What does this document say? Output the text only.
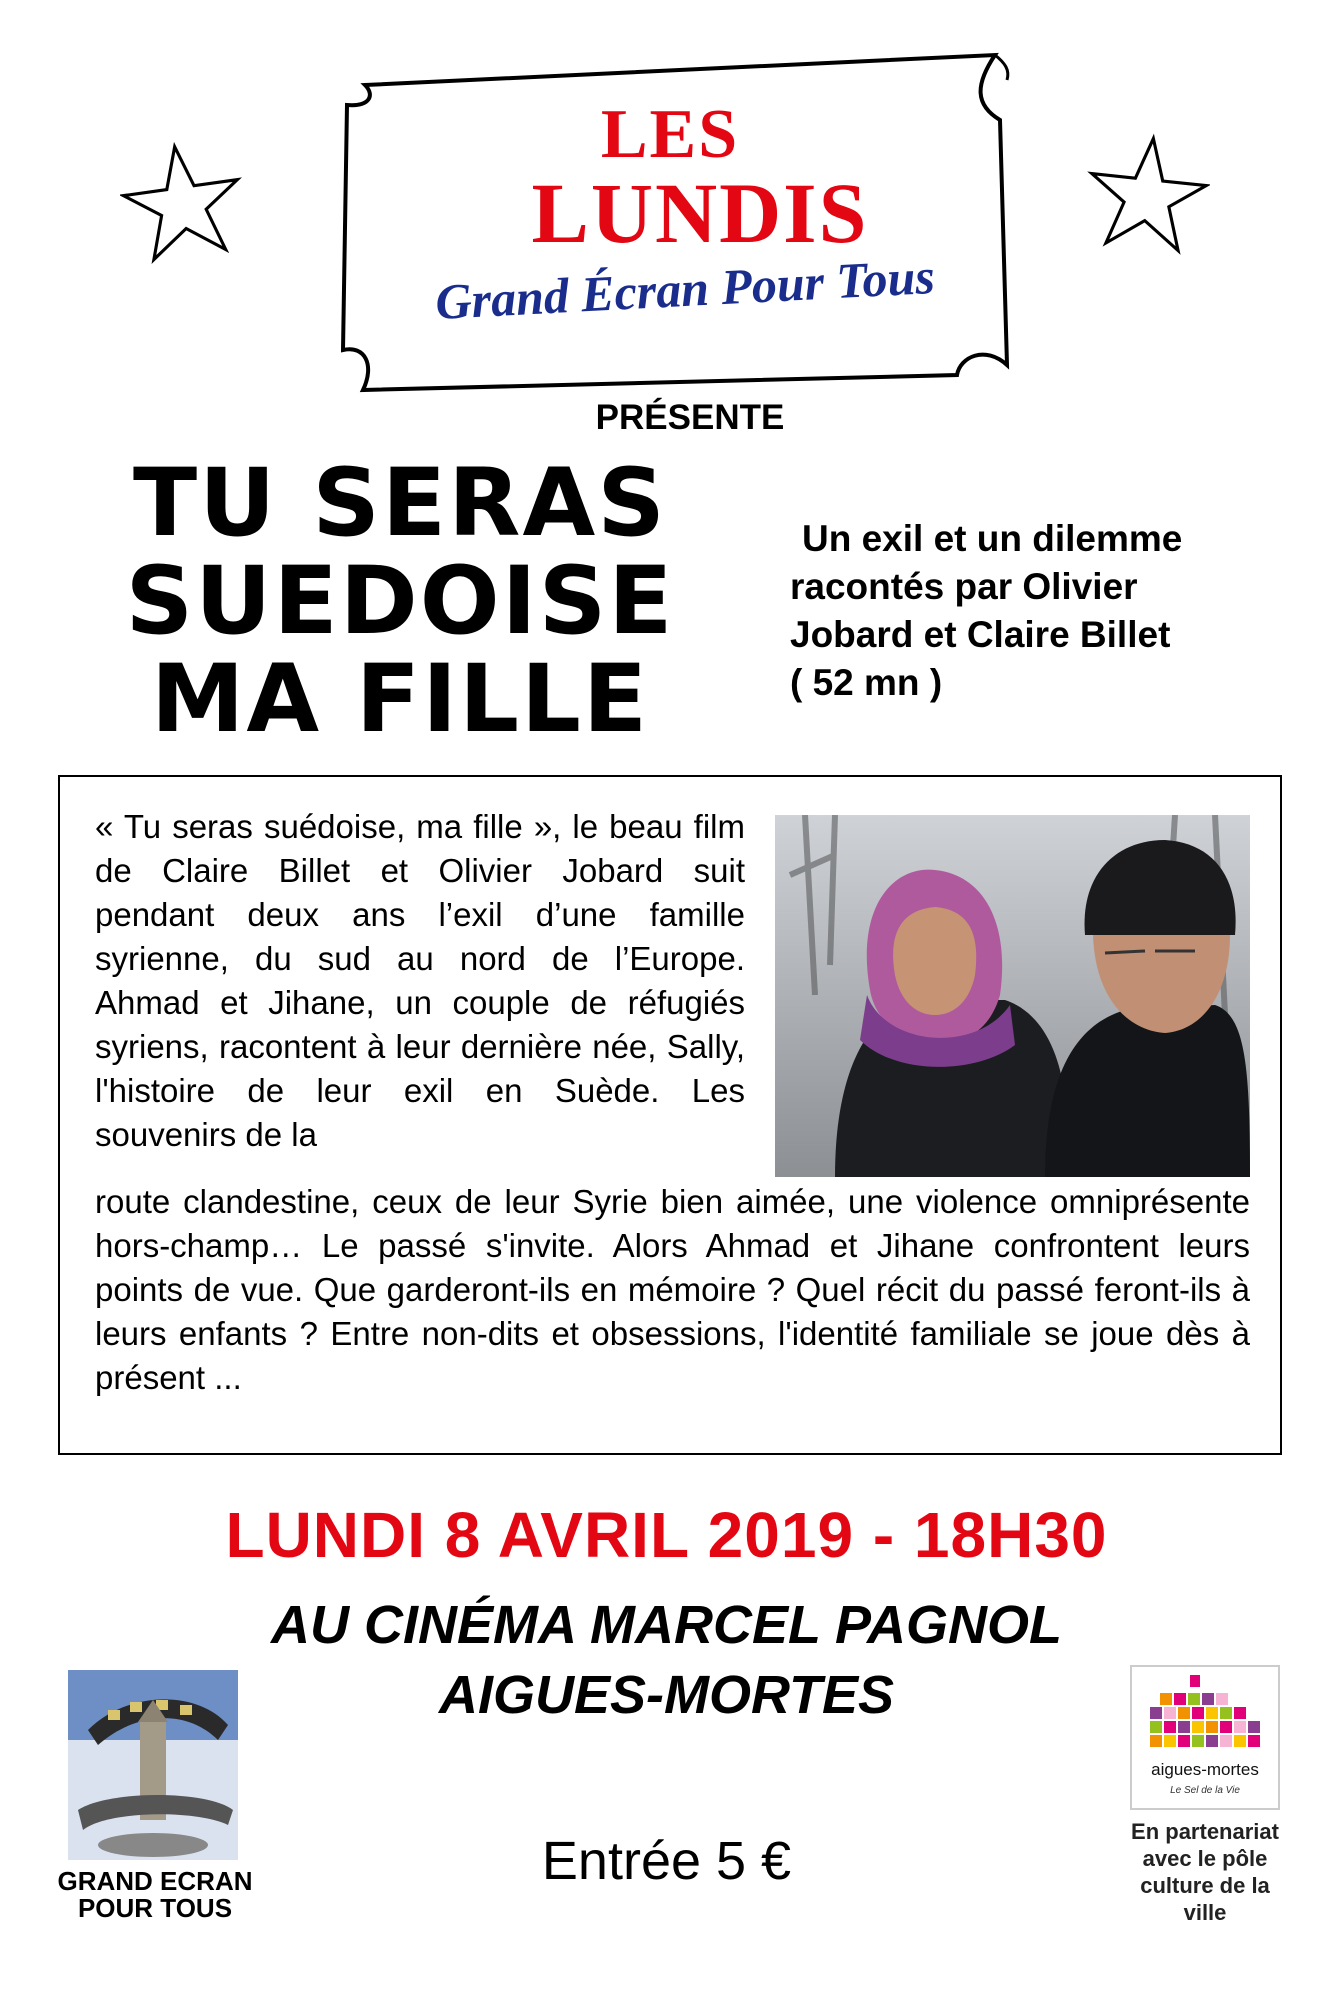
LES
LUNDIS
Grand Écran Pour Tous
PRÉSENTE
TU SERAS
SUEDOISE
MA FILLE
Un exil et un dilemme
racontés par Olivier
Jobard et Claire Billet
( 52 mn )
« Tu seras suédoise, ma fille », le beau film de Claire Billet et Olivier Jobard suit pendant deux ans l’exil d’une famille syrienne, du sud au nord de l’Europe. Ahmad et Jihane, un couple de réfugiés syriens, racontent à leur dernière née, Sally, l'histoire de leur exil en Suède. Les souvenirs de la
route clandestine, ceux de leur Syrie bien aimée, une violence omniprésente hors-champ… Le passé s'invite. Alors Ahmad et Jihane confrontent leurs points de vue. Que garderont-ils en mémoire ? Quel récit du passé feront-ils à leurs enfants ? Entre non-dits et obsessions, l'identité familiale se joue dès à présent ...
LUNDI 8 AVRIL 2019 - 18H30
AU CINÉMA MARCEL PAGNOL
AIGUES-MORTES
Entrée 5 €
GRAND ECRAN
POUR TOUS
aigues-mortes
Le Sel de la Vie
En partenariat
avec le pôle
culture de la
ville
